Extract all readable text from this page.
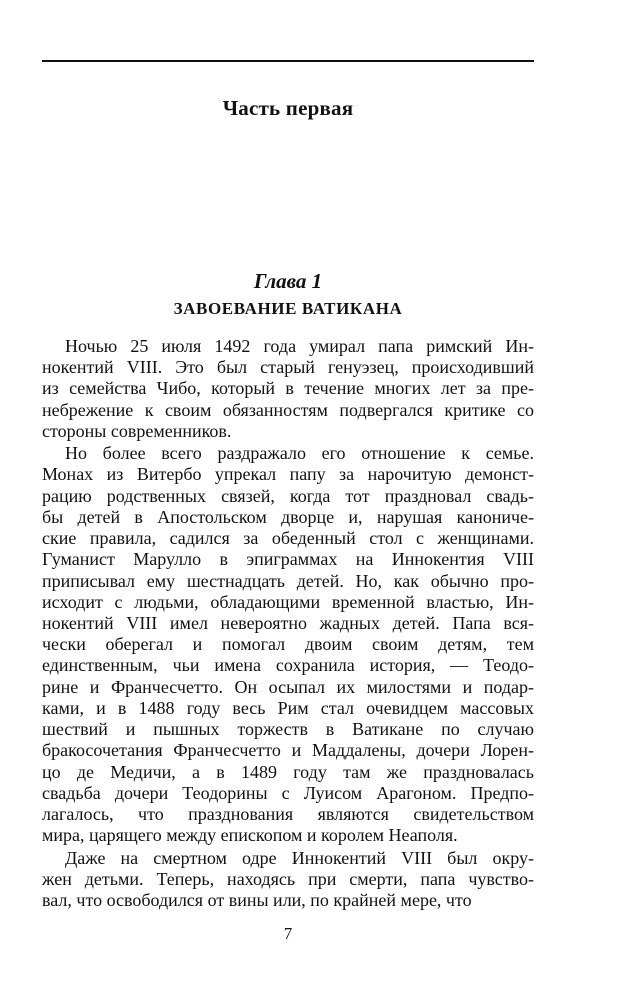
Часть первая
Глава 1
ЗАВОЕВАНИЕ ВАТИКАНА
Ночью 25 июля 1492 года умирал папа римский Ин-
нокентий VIII. Это был старый генуэзец, происходивший
из семейства Чибо, который в течение многих лет за пре-
небрежение к своим обязанностям подвергался критике со
стороны современников.
Но более всего раздражало его отношение к семье.
Монах из Витербо упрекал папу за нарочитую демонст-
рацию родственных связей, когда тот праздновал свадь-
бы детей в Апостольском дворце и, нарушая канониче-
ские правила, садился за обеденный стол с женщинами.
Гуманист Марулло в эпиграммах на Иннокентия VIII
приписывал ему шестнадцать детей. Но, как обычно про-
исходит с людьми, обладающими временной властью, Ин-
нокентий VIII имел невероятно жадных детей. Папа вся-
чески оберегал и помогал двоим своим детям, тем
единственным, чьи имена сохранила история, — Теодо-
рине и Франчесчетто. Он осыпал их милостями и подар-
ками, и в 1488 году весь Рим стал очевидцем массовых
шествий и пышных торжеств в Ватикане по случаю
бракосочетания Франчесчетто и Маддалены, дочери Лорен-
цо де Медичи, а в 1489 году там же праздновалась
свадьба дочери Теодорины с Луисом Арагоном. Предпо-
лагалось, что празднования являются свидетельством
мира, царящего между епископом и королем Неаполя.
Даже на смертном одре Иннокентий VIII был окру-
жен детьми. Теперь, находясь при смерти, папа чувство-
вал, что освободился от вины или, по крайней мере, что
7
